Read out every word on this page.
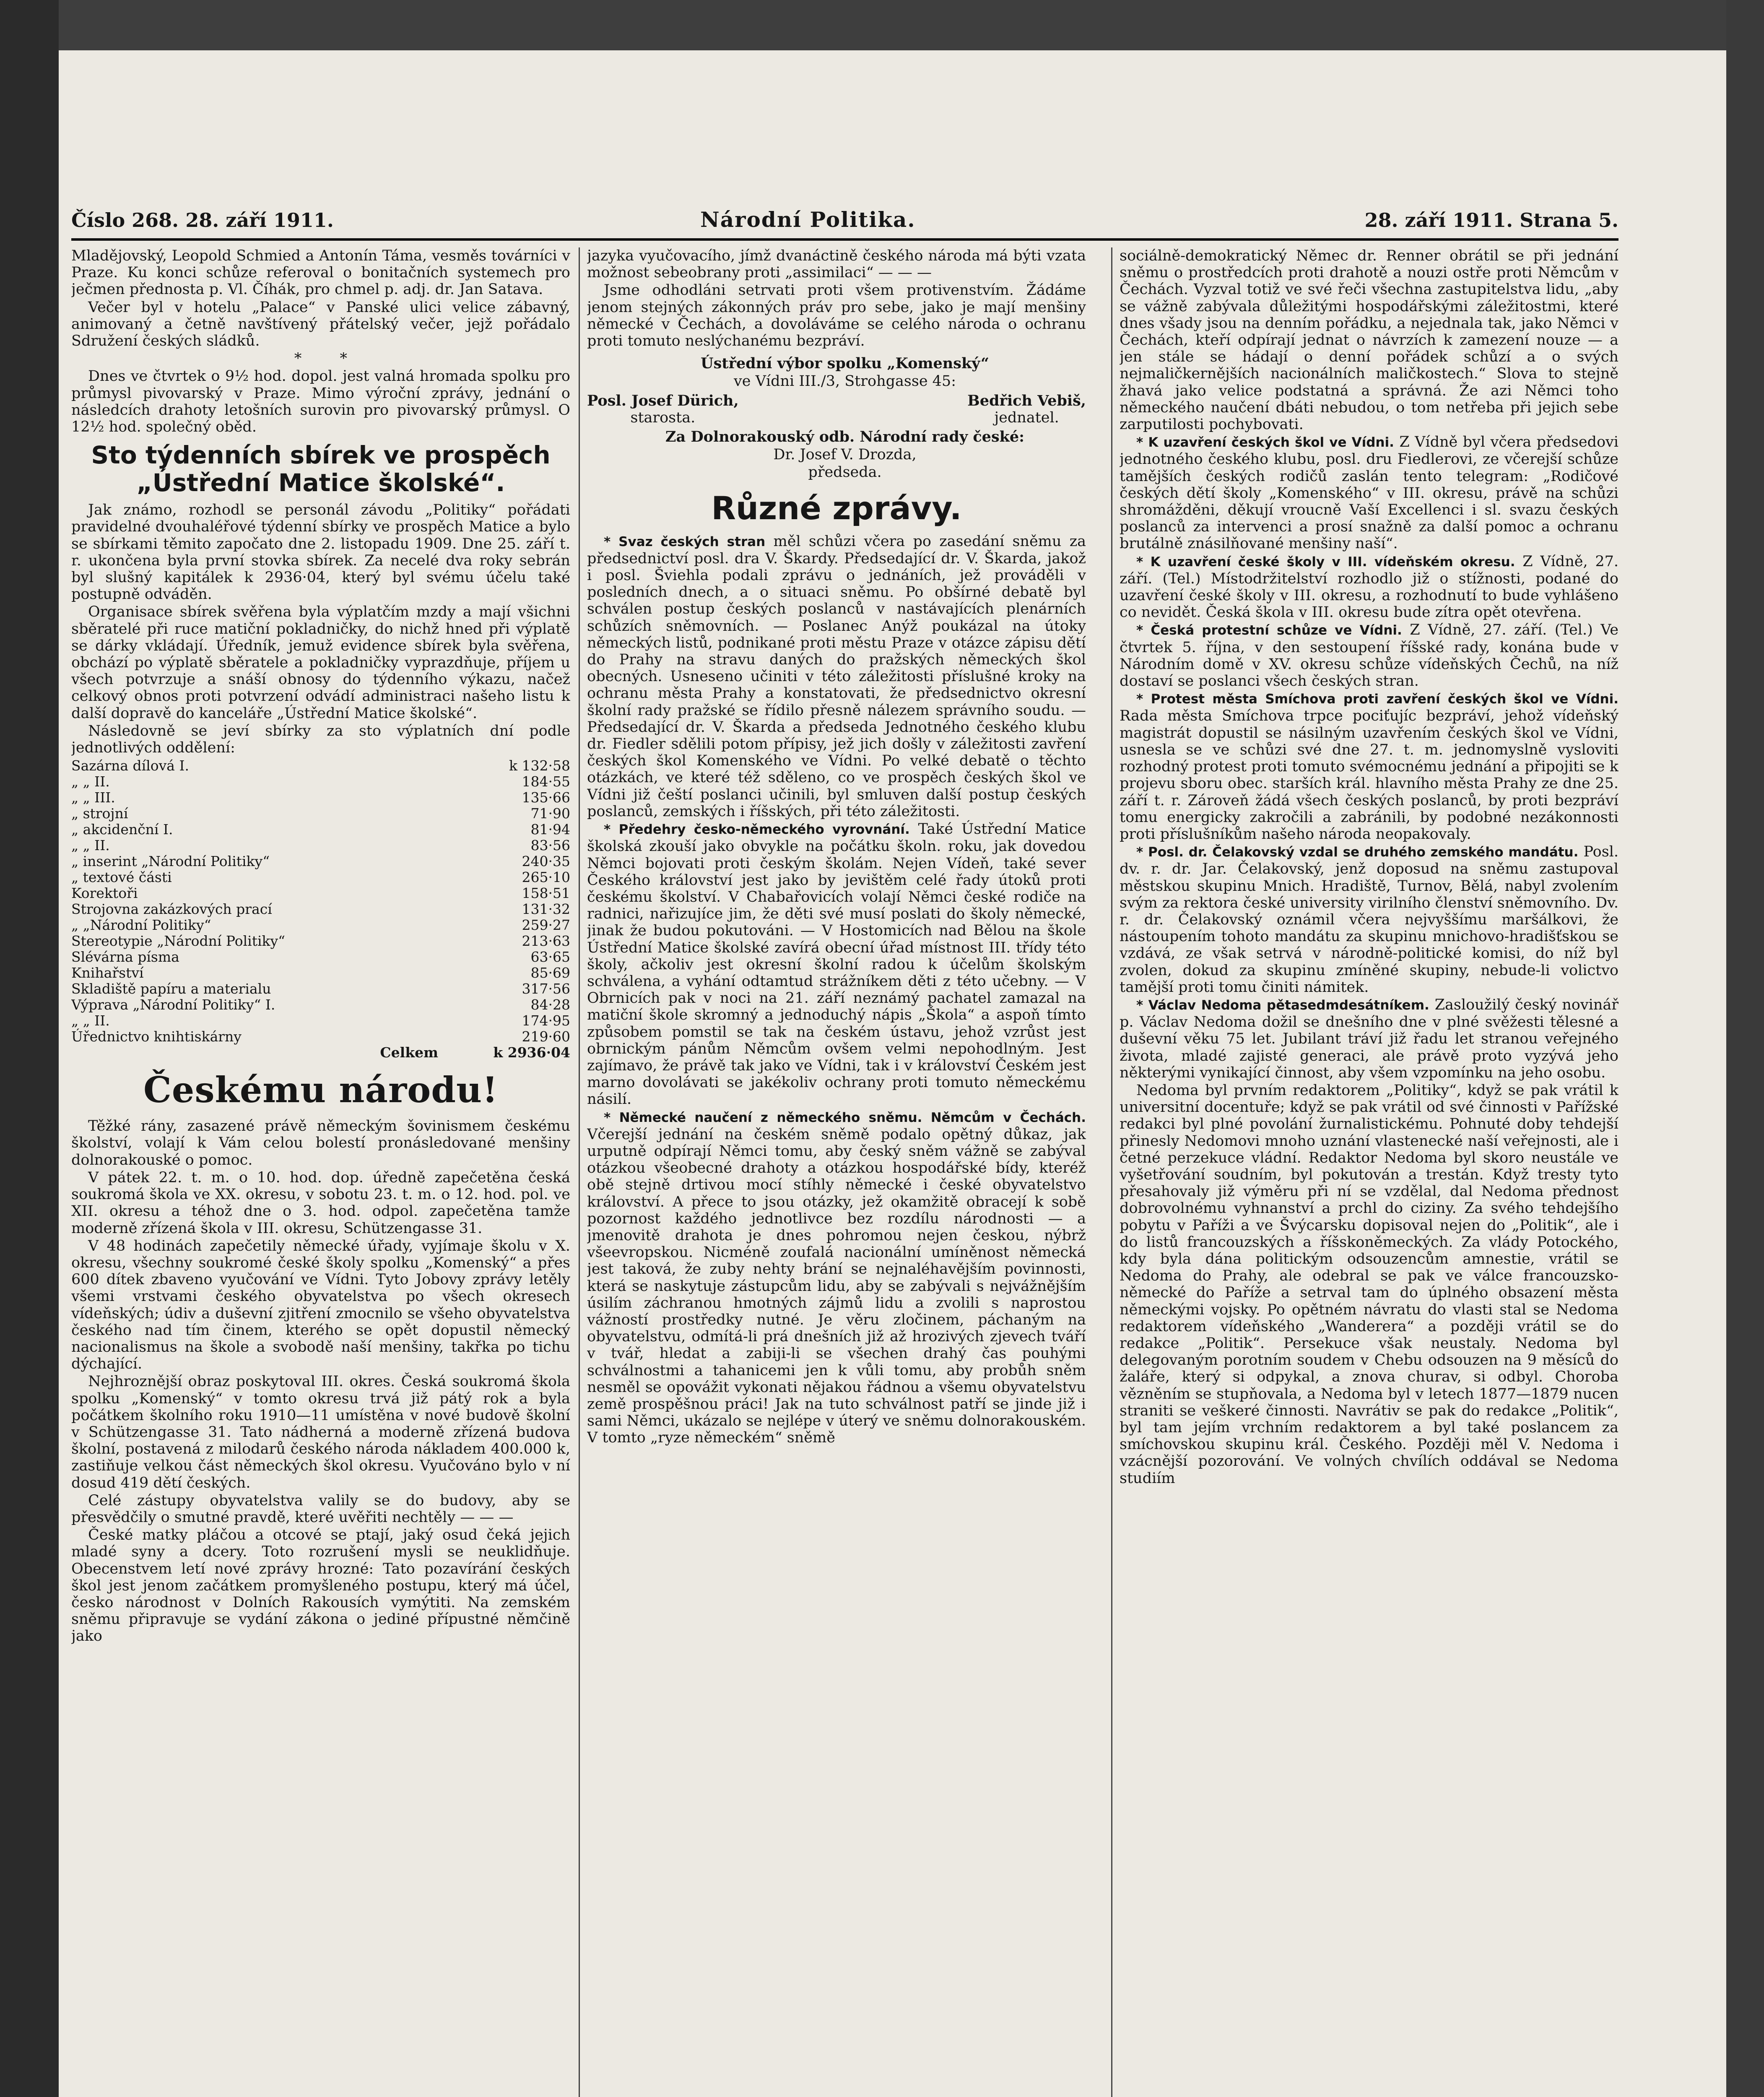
Číslo 268. 28. září 1911.	Národní Politika.	28. září 1911. Strana 5.

Mladějovský, Leopold Schmied a Antonín Táma, vesměs továrníci v Praze. Ku konci schůze referoval o bonitačních systemech pro ječmen přednosta p. Vl. Číhák, pro chmel p. adj. dr. Jan Satava.

Večer byl v hotelu „Palace“ v Panské ulici velice zábavný, animovaný a četně navštívený přátelský večer, jejž pořádalo Sdružení českých sládků.

* *

Dnes ve čtvrtek o 9½ hod. dopol. jest valná hromada spolku pro průmysl pivovarský v Praze. Mimo výroční zprávy, jednání o následcích drahoty letošních surovin pro pivovarský průmysl. O 12½ hod. společný oběd.

Sto týdenních sbírek ve prospěch „Ústřední Matice školské“.

Jak známo, rozhodl se personál závodu „Politiky“ pořádati pravidelné dvouhaléřové týdenní sbírky ve prospěch Matice a bylo se sbírkami těmito započato dne 2. listopadu 1909. Dne 25. září t. r. ukončena byla první stovka sbírek. Za necelé dva roky sebrán byl slušný kapitálek k 2936·04, který byl svému účelu také postupně odváděn.

Organisace sbírek svěřena byla výplatčím mzdy a mají všichni sběratelé při ruce matiční pokladničky, do nichž hned při výplatě se dárky vkládají. Úředník, jemuž evidence sbírek byla svěřena, obchází po výplatě sběratele a pokladničky vyprazdňuje, příjem u všech potvrzuje a snáší obnosy do týdenního výkazu, načež celkový obnos proti potvrzení odvádí administraci našeho listu k další dopravě do kanceláře „Ústřední Matice školské“.

Následovně se jeví sbírky za sto výplatních dní podle jednotlivých oddělení:

Sazárna dílová I.	k 132·58
„ „ II.	184·55
„ „ III.	135·66
„ strojní	71·90
„ akcidenční I.	81·94
„ „ II.	83·56
„ inserint „Národní Politiky“	240·35
„ textové části	265·10
Korektoři	158·51
Strojovna zakázkových prací	131·32
„ „Národní Politiky“	259·27
Stereotypie „Národní Politiky“	213·63
Slévárna písma	63·65
Knihařství	85·69
Skladiště papíru a materialu	317·56
Výprava „Národní Politiky“ I.	84·28
„ „ II.	174·95
Úřednictvo knihtiskárny	219·60
Celkem	k 2936·04
Českému národu!

Těžké rány, zasazené právě německým šovinismem českému školství, volají k Vám celou bolestí pronásledované menšiny dolnorakouské o pomoc.

V pátek 22. t. m. o 10. hod. dop. úředně zapečetěna česká soukromá škola ve XX. okresu, v sobotu 23. t. m. o 12. hod. pol. ve XII. okresu a téhož dne o 3. hod. odpol. zapečetěna tamže moderně zřízená škola v III. okresu, Schützengasse 31.

V 48 hodinách zapečetily německé úřady, vyjímaje školu v X. okresu, všechny soukromé české školy spolku „Komenský“ a přes 600 dítek zbaveno vyučování ve Vídni. Tyto Jobovy zprávy letěly všemi vrstvami českého obyvatelstva po všech okresech vídeňských; údiv a duševní zjitření zmocnilo se všeho obyvatelstva českého nad tím činem, kterého se opět dopustil německý nacionalismus na škole a svobodě naší menšiny, takřka po tichu dýchající.

Nejhroznější obraz poskytoval III. okres. Česká soukromá škola spolku „Komenský“ v tomto okresu trvá již pátý rok a byla počátkem školního roku 1910—11 umístěna v nové budově školní v Schützengasse 31. Tato nádherná a moderně zřízená budova školní, postavená z milodarů českého národa nákladem 400.000 k, zastiňuje velkou část německých škol okresu. Vyučováno bylo v ní dosud 419 dětí českých.

Celé zástupy obyvatelstva valily se do budovy, aby se přesvědčily o smutné pravdě, které uvěřiti nechtěly — — —

České matky pláčou a otcové se ptají, jaký osud čeká jejich mladé syny a dcery. Toto rozrušení mysli se neuklidňuje. Obecenstvem letí nové zprávy hrozné: Tato pozavírání českých škol jest jenom začátkem promyšleného postupu, který má účel, česko národnost v Dolních Rakousích vymýtiti. Na zemském sněmu připravuje se vydání zákona o jediné přípustné němčině jako

jazyka vyučovacího, jímž dvanáctině českého národa má býti vzata možnost sebeobrany proti „assimilaci“ — — —

Jsme odhodláni setrvati proti všem protivenstvím. Žádáme jenom stejných zákonných práv pro sebe, jako je mají menšiny německé v Čechách, a dovoláváme se celého národa o ochranu proti tomuto neslýchanému bezpráví.

Ústřední výbor spolku „Komenský“

ve Vídni III./3, Strohgasse 45:

Posl. Josef Dürich,

starosta.
Bedřich Vebiš,

jednatel.

Za Dolnorakouský odb. Národní rady české:

Dr. Josef V. Drozda,

předseda.

Různé zprávy.

* Svaz českých stran měl schůzi včera po zasedání sněmu za předsednictví posl. dra V. Škardy. Předsedající dr. V. Škarda, jakož i posl. Šviehla podali zprávu o jednáních, jež prováděli v posledních dnech, a o situaci sněmu. Po obšírné debatě byl schválen postup českých poslanců v nastávajících plenárních schůzích sněmovních. — Poslanec Anýž poukázal na útoky německých listů, podnikané proti městu Praze v otázce zápisu dětí do Prahy na stravu daných do pražských německých škol obecných. Usneseno učiniti v této záležitosti příslušné kroky na ochranu města Prahy a konstatovati, že předsednictvo okresní školní rady pražské se řídilo přesně nálezem správního soudu. — Předsedající dr. V. Škarda a předseda Jednotného českého klubu dr. Fiedler sdělili potom přípisy, jež jich došly v záležitosti zavření českých škol Komenského ve Vídni. Po velké debatě o těchto otázkách, ve které též sděleno, co ve prospěch českých škol ve Vídni již čeští poslanci učinili, byl smluven další postup českých poslanců, zemských i říšských, při této záležitosti.

* Předehry česko-německého vyrovnání. Také Ústřední Matice školská zkouší jako obvykle na počátku školn. roku, jak dovedou Němci bojovati proti českým školám. Nejen Vídeň, také sever Českého království jest jako by jevištěm celé řady útoků proti českému školství. V Chabařovicích volají Němci české rodiče na radnici, nařizujíce jim, že děti své musí poslati do školy německé, jinak že budou pokutováni. — V Hostomicích nad Bělou na škole Ústřední Matice školské zavírá obecní úřad místnost III. třídy této školy, ačkoliv jest okresní školní radou k účelům školským schválena, a vyhání odtamtud strážníkem děti z této učebny. — V Obrnicích pak v noci na 21. září neznámý pachatel zamazal na matiční škole skromný a jednoduchý nápis „Škola“ a aspoň tímto způsobem pomstil se tak na českém ústavu, jehož vzrůst jest obrnickým pánům Němcům ovšem velmi nepohodlným. Jest zajímavo, že právě tak jako ve Vídni, tak i v království Českém jest marno dovolávati se jakékoliv ochrany proti tomuto německému násilí.

* Německé naučení z německého sněmu. Němcům v Čechách. Včerejší jednání na českém sněmě podalo opětný důkaz, jak urputně odpírají Němci tomu, aby český sněm vážně se zabýval otázkou všeobecné drahoty a otázkou hospodářské bídy, kteréž obě stejně drtivou mocí stíhly německé i české obyvatelstvo království. A přece to jsou otázky, jež okamžitě obracejí k sobě pozornost každého jednotlivce bez rozdílu národnosti — a jmenovitě drahota je dnes pohromou nejen českou, nýbrž všeevropskou. Nicméně zoufalá nacionální umíněnost německá jest taková, že zuby nehty brání se nejnaléhavějším povinnosti, která se naskytuje zástupcům lidu, aby se zabývali s nejvážnějším úsilím záchranou hmotných zájmů lidu a zvolili s naprostou vážností prostředky nutné. Je věru zločinem, páchaným na obyvatelstvu, odmítá-li prá dnešních již až hrozivých zjevech tváří v tvář, hledat a zabiji-li se všechen drahý čas pouhými schválnostmi a tahanicemi jen k vůli tomu, aby probůh sněm nesměl se opovážit vykonati nějakou řádnou a všemu obyvatelstvu země prospěšnou práci! Jak na tuto schválnost patří se jinde již i sami Němci, ukázalo se nejlépe v úterý ve sněmu dolnorakouském. V tomto „ryze německém“ sněmě

sociálně-demokratický Němec dr. Renner obrátil se při jednání sněmu o prostředcích proti drahotě a nouzi ostře proti Němcům v Čechách. Vyzval totiž ve své řeči všechna zastupitelstva lidu, „aby se vážně zabývala důležitými hospodářskými záležitostmi, které dnes všady jsou na denním pořádku, a nejednala tak, jako Němci v Čechách, kteří odpírají jednat o návrzích k zamezení nouze — a jen stále se hádají o denní pořádek schůzí a o svých nejmaličkernějších nacionálních maličkostech.“ Slova to stejně žhavá jako velice podstatná a správná. Že azi Němci toho německého naučení dbáti nebudou, o tom netřeba při jejich sebe zarputilosti pochybovati.

* K uzavření českých škol ve Vídni. Z Vídně byl včera předsedovi jednotného českého klubu, posl. dru Fiedlerovi, ze včerejší schůze tamějších českých rodičů zaslán tento telegram: „Rodičové českých dětí školy „Komenského“ v III. okresu, právě na schůzi shromážděni, děkují vroucně Vaší Excellenci i sl. svazu českých poslanců za intervenci a prosí snažně za další pomoc a ochranu brutálně znásilňované menšiny naší“.

* K uzavření české školy v III. vídeňském okresu. Z Vídně, 27. září. (Tel.) Místodržitelství rozhodlo již o stížnosti, podané do uzavření české školy v III. okresu, a rozhodnutí to bude vyhlášeno co nevidět. Česká škola v III. okresu bude zítra opět otevřena.

* Česká protestní schůze ve Vídni. Z Vídně, 27. září. (Tel.) Ve čtvrtek 5. října, v den sestoupení říšské rady, konána bude v Národním domě v XV. okresu schůze vídeňských Čechů, na níž dostaví se poslanci všech českých stran.

* Protest města Smíchova proti zavření českých škol ve Vídni. Rada města Smíchova trpce pociťujíc bezpráví, jehož vídeňský magistrát dopustil se násilným uzavřením českých škol ve Vídni, usnesla se ve schůzi své dne 27. t. m. jednomyslně vysloviti rozhodný protest proti tomuto svémocnému jednání a připojiti se k projevu sboru obec. starších král. hlavního města Prahy ze dne 25. září t. r. Zároveň žádá všech českých poslanců, by proti bezpráví tomu energicky zakročili a zabránili, by podobné nezákonnosti proti příslušníkům našeho národa neopakovaly.

* Posl. dr. Čelakovský vzdal se druhého zemského mandátu. Posl. dv. r. dr. Jar. Čelakovský, jenž doposud na sněmu zastupoval městskou skupinu Mnich. Hradiště, Turnov, Bělá, nabyl zvolením svým za rektora české university virilního členství sněmovního. Dv. r. dr. Čelakovský oznámil včera nejvyššímu maršálkovi, že nástoupením tohoto mandátu za skupinu mnichovo-hradišťskou se vzdává, ze však setrvá v národně-politické komisi, do níž byl zvolen, dokud za skupinu zmíněné skupiny, nebude-li volictvo tamější proti tomu činiti námitek.

* Václav Nedoma pětasedmdesátníkem. Zasloužilý český novinář p. Václav Nedoma dožil se dnešního dne v plné svěžesti tělesné a duševní věku 75 let. Jubilant tráví již řadu let stranou veřejného života, mladé zajisté generaci, ale právě proto vyzývá jeho některými vynikající činnost, aby všem vzpomínku na jeho osobu.

Nedoma byl prvním redaktorem „Politiky“, když se pak vrátil k universitní docentuře; když se pak vrátil od své činnosti v Pařížské redakci byl plné povolání žurnalistickému. Pohnuté doby tehdejší přinesly Nedomovi mnoho uznání vlastenecké naší veřejnosti, ale i četné perzekuce vládní. Redaktor Nedoma byl skoro neustále ve vyšetřování soudním, byl pokutován a trestán. Když tresty tyto přesahovaly již výměru při ní se vzdělal, dal Nedoma přednost dobrovolnému vyhnanství a prchl do ciziny. Za svého tehdejšího pobytu v Paříži a ve Švýcarsku dopisoval nejen do „Politik“, ale i do listů francouzských a říšskoněmeckých. Za vlády Potockého, kdy byla dána politickým odsouzencům amnestie, vrátil se Nedoma do Prahy, ale odebral se pak ve válce francouzsko-německé do Paříže a setrval tam do úplného obsazení města německými vojsky. Po opětném návratu do vlasti stal se Nedoma redaktorem vídeňského „Wanderera“ a později vrátil se do redakce „Politik“. Persekuce však neustaly. Nedoma byl delegovaným porotním soudem v Chebu odsouzen na 9 měsíců do žaláře, který si odpykal, a znova churav, si odbyl. Choroba vězněním se stupňovala, a Nedoma byl v letech 1877—1879 nucen straniti se veškeré činnosti. Navrátiv se pak do redakce „Politik“, byl tam jejím vrchním redaktorem a byl také poslancem za smíchovskou skupinu král. Českého. Později měl V. Nedoma i vzácnější pozorování. Ve volných chvílích oddával se Nedoma studiím
